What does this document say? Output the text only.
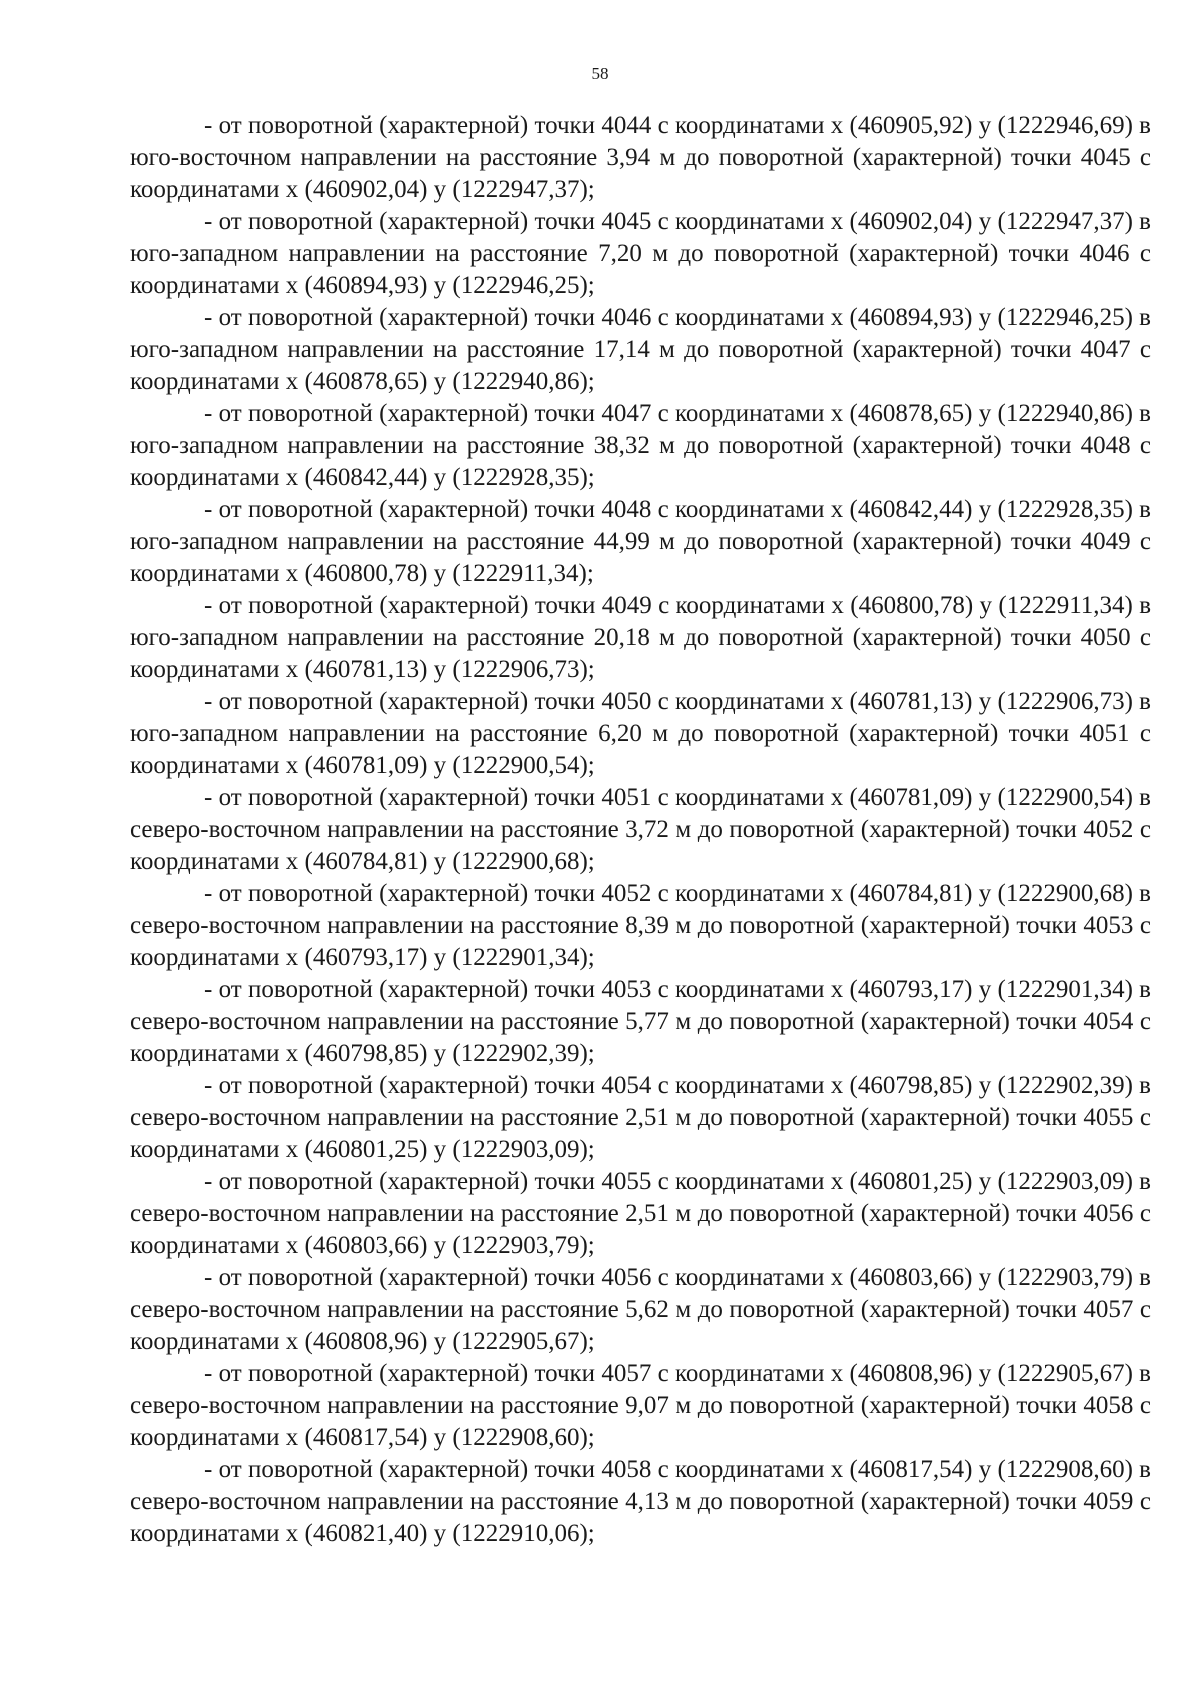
58

- от поворотной (характерной) точки 4044 с координатами х (460905,92) у (1222946,69) в юго-восточном направлении на расстояние 3,94 м до поворотной (характерной) точки 4045 с координатами х (460902,04) у (1222947,37);

- от поворотной (характерной) точки 4045 с координатами х (460902,04) у (1222947,37) в юго-западном направлении на расстояние 7,20 м до поворотной (характерной) точки 4046 с координатами х (460894,93) у (1222946,25);

- от поворотной (характерной) точки 4046 с координатами х (460894,93) у (1222946,25) в юго-западном направлении на расстояние 17,14 м до поворотной (характерной) точки 4047 с координатами х (460878,65) у (1222940,86);

- от поворотной (характерной) точки 4047 с координатами х (460878,65) у (1222940,86) в юго-западном направлении на расстояние 38,32 м до поворотной (характерной) точки 4048 с координатами х (460842,44) у (1222928,35);

- от поворотной (характерной) точки 4048 с координатами х (460842,44) у (1222928,35) в юго-западном направлении на расстояние 44,99 м до поворотной (характерной) точки 4049 с координатами х (460800,78) у (1222911,34);

- от поворотной (характерной) точки 4049 с координатами х (460800,78) у (1222911,34) в юго-западном направлении на расстояние 20,18 м до поворотной (характерной) точки 4050 с координатами х (460781,13) у (1222906,73);

- от поворотной (характерной) точки 4050 с координатами х (460781,13) у (1222906,73) в юго-западном направлении на расстояние 6,20 м до поворотной (характерной) точки 4051 с координатами х (460781,09) у (1222900,54);

- от поворотной (характерной) точки 4051 с координатами х (460781,09) у (1222900,54) в северо-восточном направлении на расстояние 3,72 м до поворотной (характерной) точки 4052 с координатами х (460784,81) у (1222900,68);

- от поворотной (характерной) точки 4052 с координатами х (460784,81) у (1222900,68) в северо-восточном направлении на расстояние 8,39 м до поворотной (характерной) точки 4053 с координатами х (460793,17) у (1222901,34);

- от поворотной (характерной) точки 4053 с координатами х (460793,17) у (1222901,34) в северо-восточном направлении на расстояние 5,77 м до поворотной (характерной) точки 4054 с координатами х (460798,85) у (1222902,39);

- от поворотной (характерной) точки 4054 с координатами х (460798,85) у (1222902,39) в северо-восточном направлении на расстояние 2,51 м до поворотной (характерной) точки 4055 с координатами х (460801,25) у (1222903,09);

- от поворотной (характерной) точки 4055 с координатами х (460801,25) у (1222903,09) в северо-восточном направлении на расстояние 2,51 м до поворотной (характерной) точки 4056 с координатами х (460803,66) у (1222903,79);

- от поворотной (характерной) точки 4056 с координатами х (460803,66) у (1222903,79) в северо-восточном направлении на расстояние 5,62 м до поворотной (характерной) точки 4057 с координатами х (460808,96) у (1222905,67);

- от поворотной (характерной) точки 4057 с координатами х (460808,96) у (1222905,67) в северо-восточном направлении на расстояние 9,07 м до поворотной (характерной) точки 4058 с координатами х (460817,54) у (1222908,60);

- от поворотной (характерной) точки 4058 с координатами х (460817,54) у (1222908,60) в северо-восточном направлении на расстояние 4,13 м до поворотной (характерной) точки 4059 с координатами х (460821,40) у (1222910,06);
